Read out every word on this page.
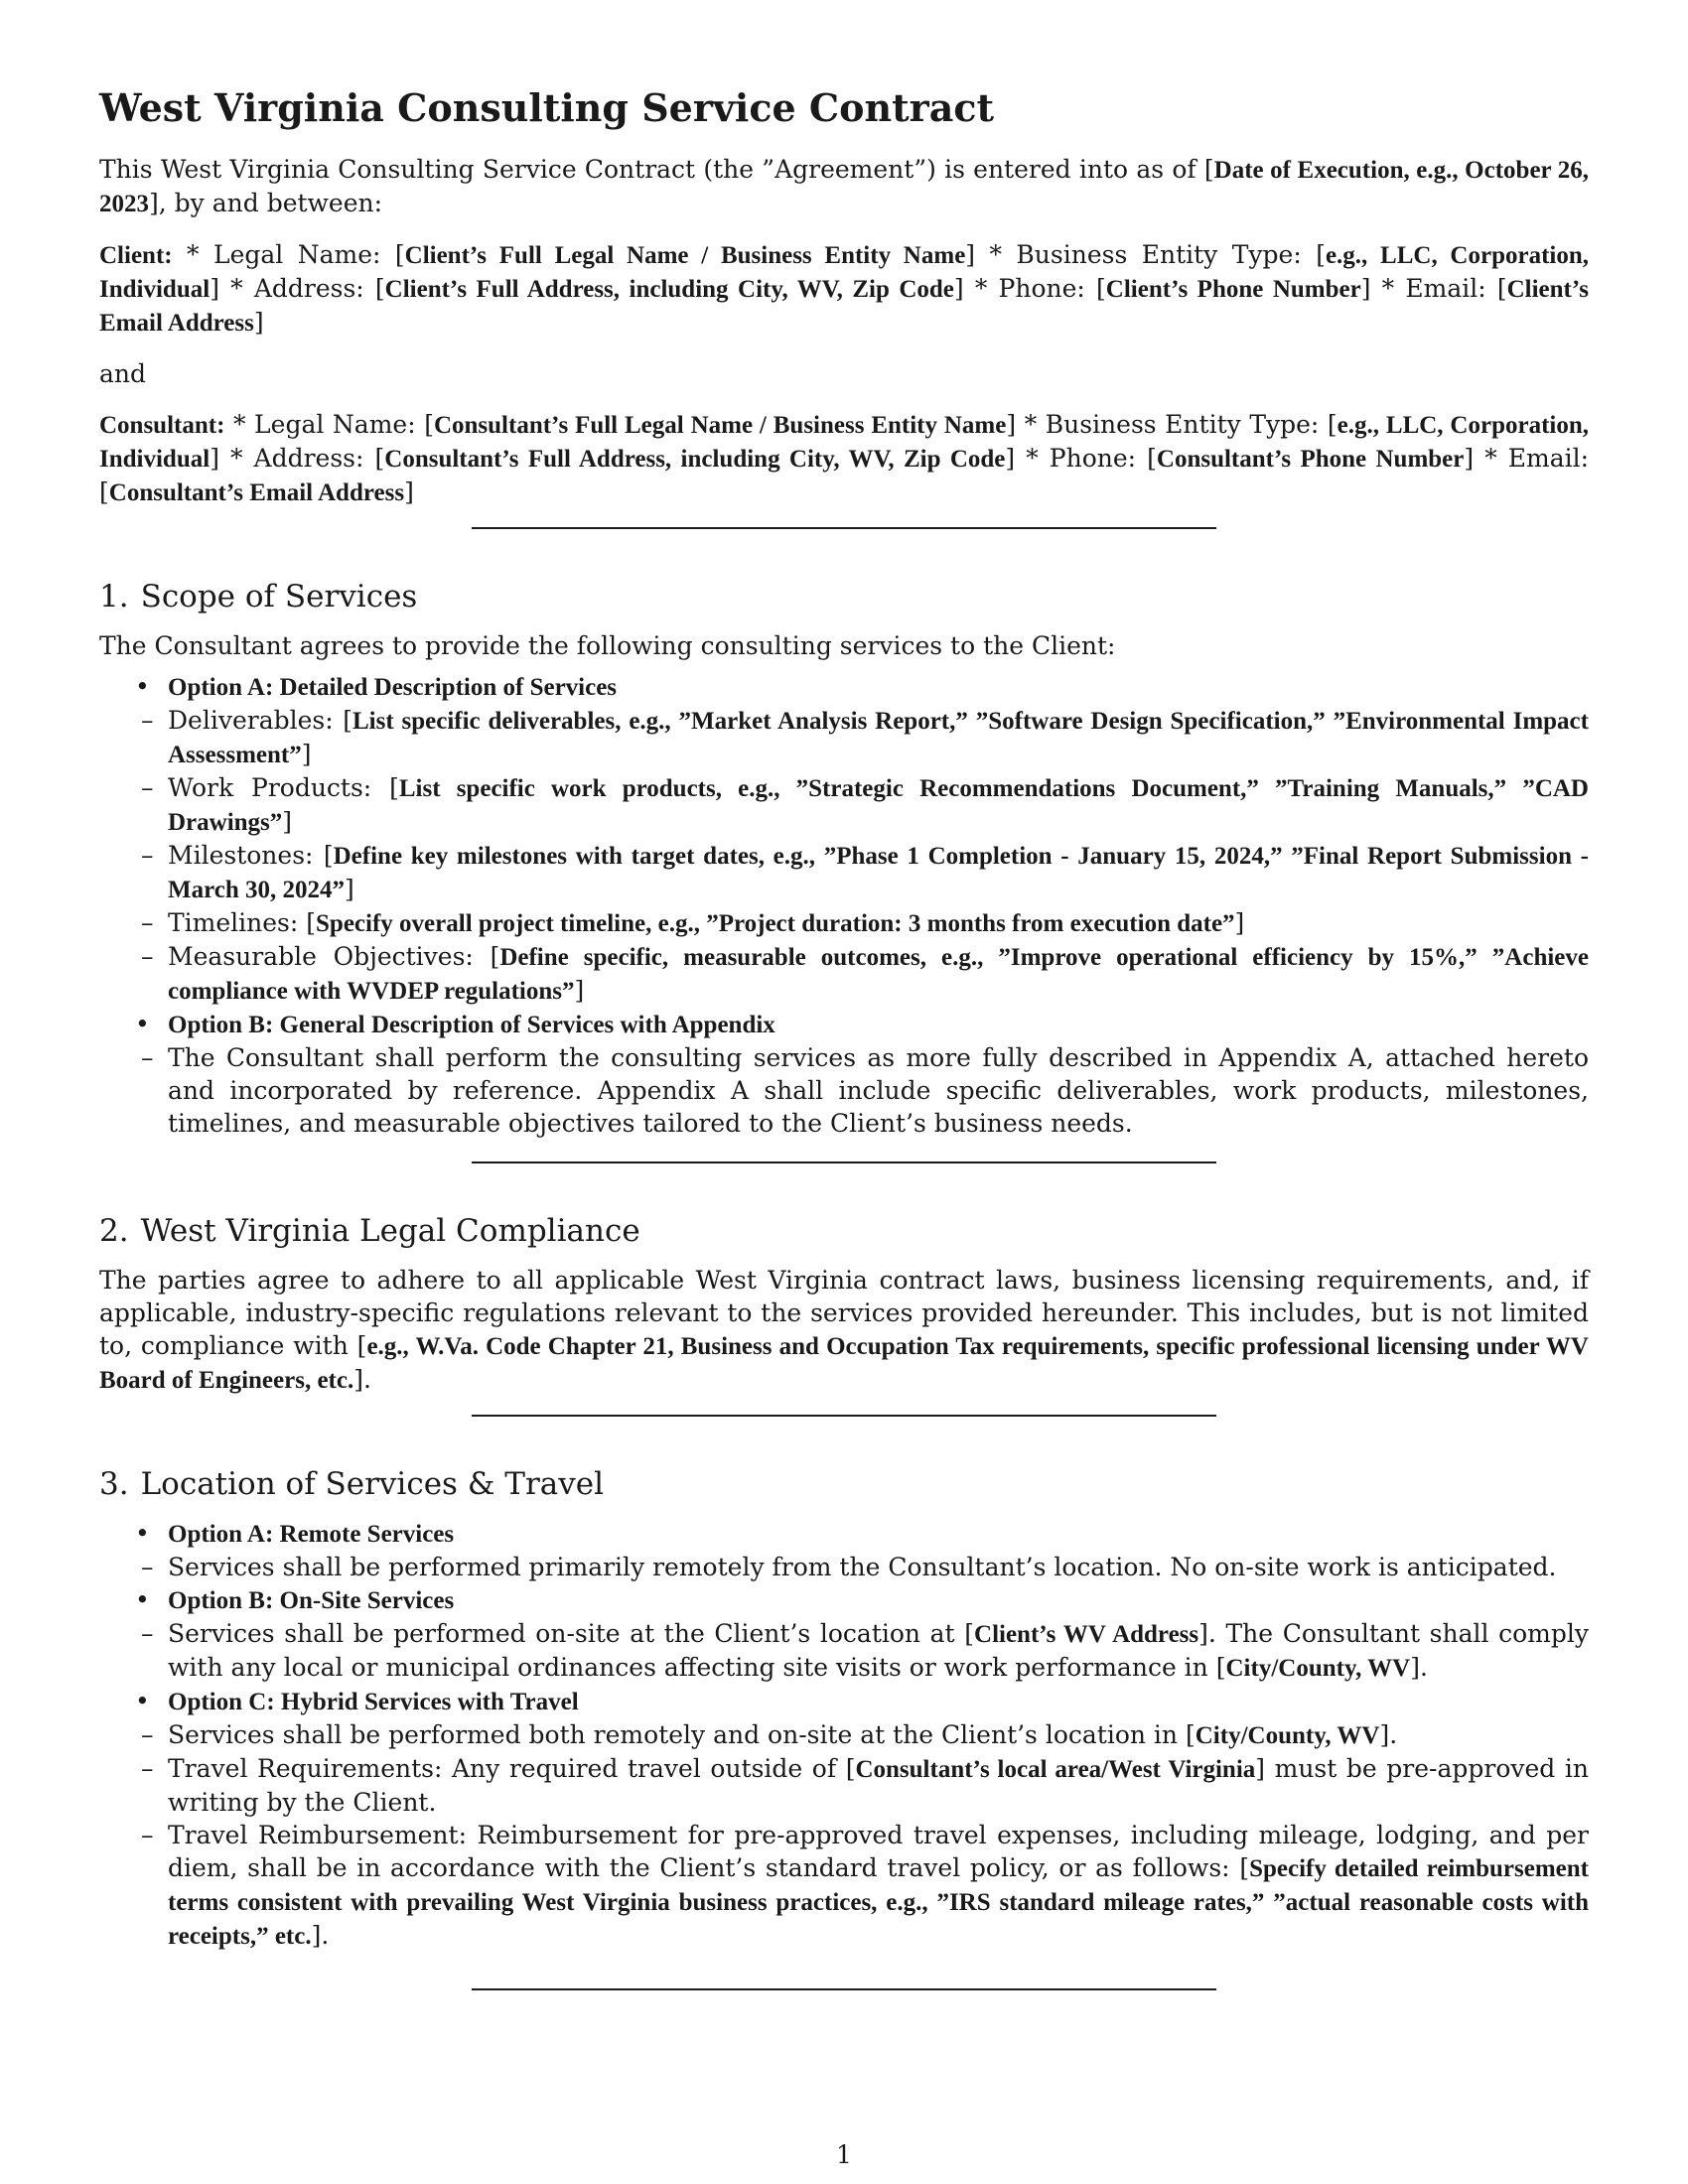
West Virginia Consulting Service Contract

This West Virginia Consulting Service Contract (the ”Agreement”) is entered into as of [Date of Execution, e.g., October 26, 2023], by and between:

Client: * Legal Name: [Client’s Full Legal Name / Business Entity Name] * Business Entity Type: [e.g., LLC, Corporation, Individual] * Address: [Client’s Full Address, including City, WV, Zip Code] * Phone: [Client’s Phone Number] * Email: [Client’s Email Address]

and

Consultant: * Legal Name: [Consultant’s Full Legal Name / Business Entity Name] * Business Entity Type: [e.g., LLC, Corporation, Individual] * Address: [Consultant’s Full Address, including City, WV, Zip Code] * Phone: [Consultant’s Phone Number] * Email: [Consultant’s Email Address]

1. Scope of Services

The Consultant agrees to provide the following consulting services to the Client:

• Option A: Detailed Description of Services
– Deliverables: [List specific deliverables, e.g., ”Market Analysis Report,” ”Software Design Specification,” ”Environmental Impact Assessment”]
– Work Products: [List specific work products, e.g., ”Strategic Recommendations Document,” ”Training Manuals,” ”CAD Drawings”]
– Milestones: [Define key milestones with target dates, e.g., ”Phase 1 Completion - January 15, 2024,” ”Final Report Submission - March 30, 2024”]
– Timelines: [Specify overall project timeline, e.g., ”Project duration: 3 months from execution date”]
– Measurable Objectives: [Define specific, measurable outcomes, e.g., ”Improve operational efficiency by 15%,” ”Achieve compliance with WVDEP regulations”]
• Option B: General Description of Services with Appendix
– The Consultant shall perform the consulting services as more fully described in Appendix A, attached hereto and incorporated by reference. Appendix A shall include specific deliverables, work products, milestones, timelines, and measurable objectives tailored to the Client’s business needs.
2. West Virginia Legal Compliance

The parties agree to adhere to all applicable West Virginia contract laws, business licensing requirements, and, if applicable, industry-specific regulations relevant to the services provided hereunder. This includes, but is not limited to, compliance with [e.g., W.Va. Code Chapter 21, Business and Occupation Tax requirements, specific professional licensing under WV Board of Engineers, etc.].

3. Location of Services & Travel
• Option A: Remote Services
– Services shall be performed primarily remotely from the Consultant’s location. No on-site work is anticipated.
• Option B: On-Site Services
– Services shall be performed on-site at the Client’s location at [Client’s WV Address]. The Consultant shall comply with any local or municipal ordinances affecting site visits or work performance in [City/County, WV].
• Option C: Hybrid Services with Travel
– Services shall be performed both remotely and on-site at the Client’s location in [City/County, WV].
– Travel Requirements: Any required travel outside of [Consultant’s local area/West Virginia] must be pre-approved in writing by the Client.
– Travel Reimbursement: Reimbursement for pre-approved travel expenses, including mileage, lodging, and per diem, shall be in accordance with the Client’s standard travel policy, or as follows: [Specify detailed reimbursement terms consistent with prevailing West Virginia business practices, e.g., ”IRS standard mileage rates,” ”actual reasonable costs with receipts,” etc.].
1
